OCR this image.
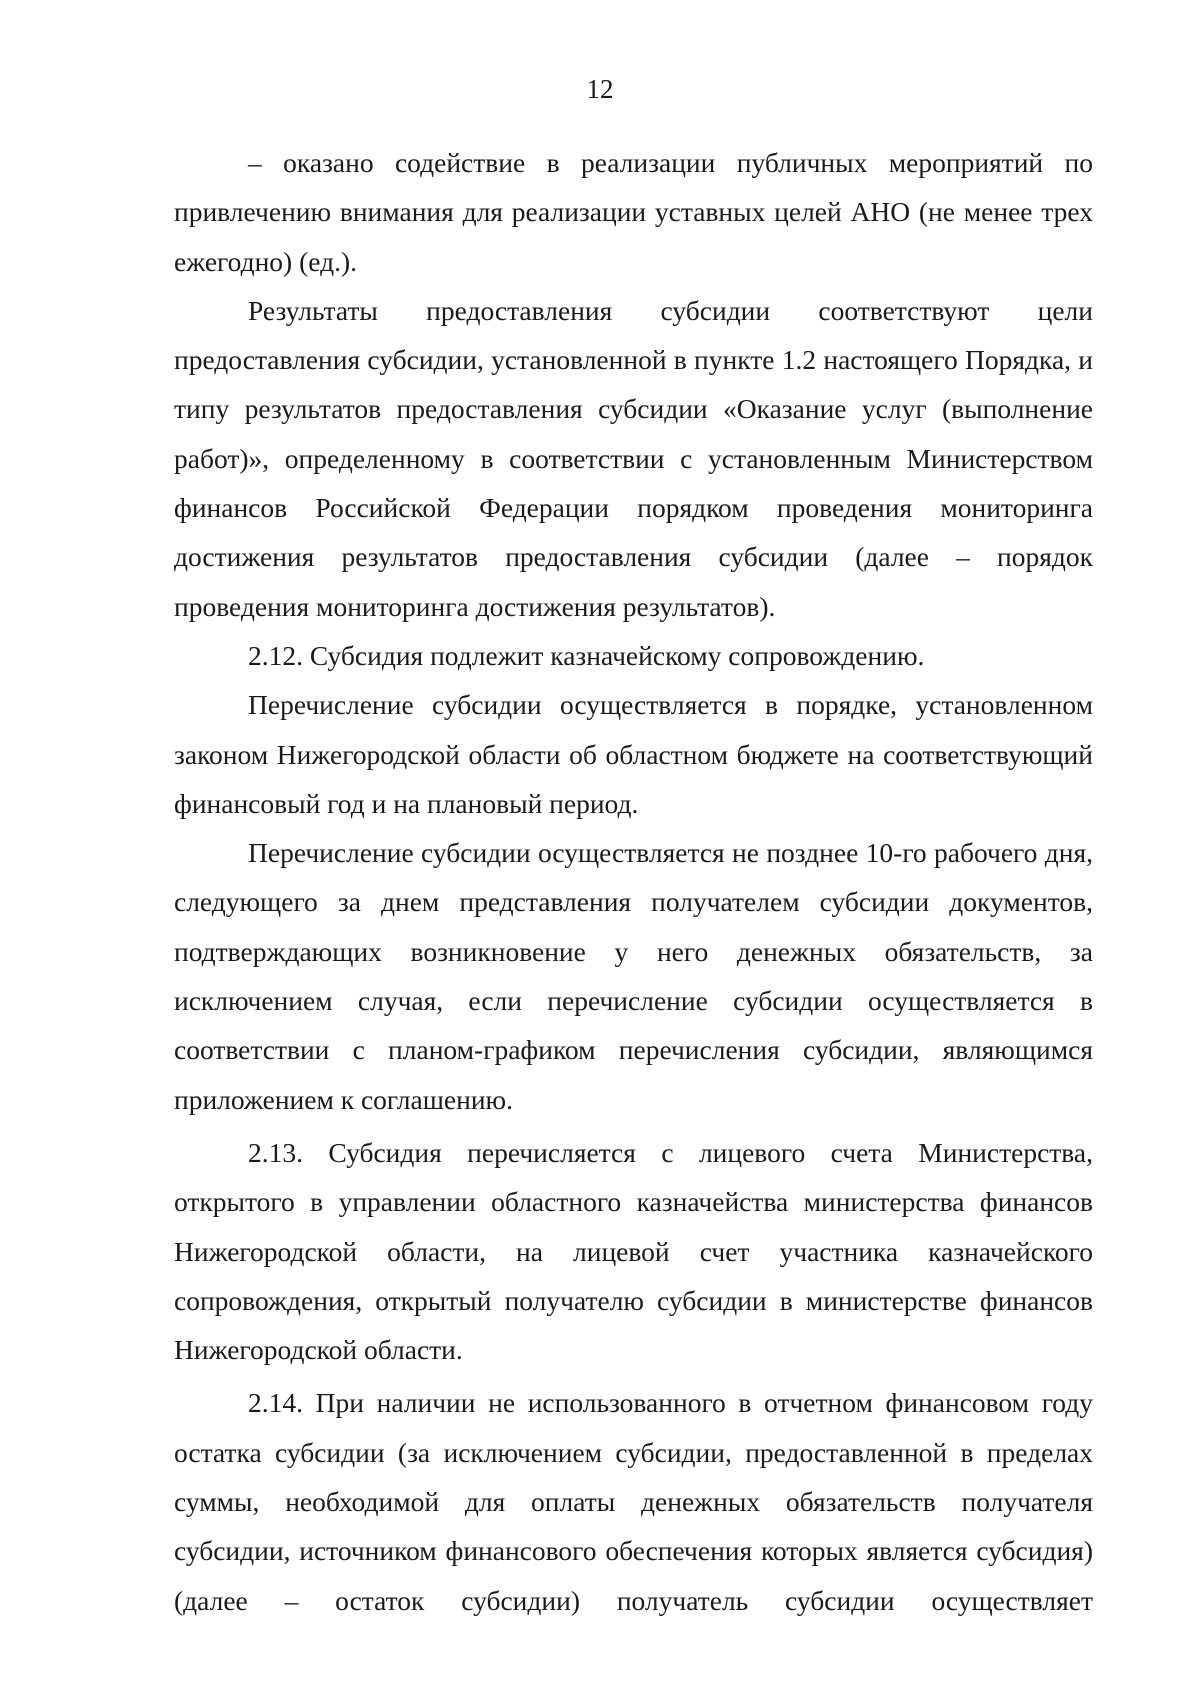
12

– оказано содействие в реализации публичных мероприятий по привлечению внимания для реализации уставных целей АНО (не менее трех ежегодно) (ед.).

Результаты предоставления субсидии соответствуют цели предоставления субсидии, установленной в пункте 1.2 настоящего Порядка, и типу результатов предоставления субсидии «Оказание услуг (выполнение работ)», определенному в соответствии с установленным Министерством финансов Российской Федерации порядком проведения мониторинга достижения результатов предоставления субсидии (далее – порядок проведения мониторинга достижения результатов).

2.12. Субсидия подлежит казначейскому сопровождению.

Перечисление субсидии осуществляется в порядке, установленном законом Нижегородской области об областном бюджете на соответствующий финансовый год и на плановый период.

Перечисление субсидии осуществляется не позднее 10-го рабочего дня, следующего за днем представления получателем субсидии документов, подтверждающих возникновение у него денежных обязательств, за исключением случая, если перечисление субсидии осуществляется в соответствии с планом-графиком перечисления субсидии, являющимся приложением к соглашению.

2.13. Субсидия перечисляется с лицевого счета Министерства, открытого в управлении областного казначейства министерства финансов Нижегородской области, на лицевой счет участника казначейского сопровождения, открытый получателю субсидии в министерстве финансов Нижегородской области.

2.14. При наличии не использованного в отчетном финансовом году остатка субсидии (за исключением субсидии, предоставленной в пределах суммы, необходимой для оплаты денежных обязательств получателя субсидии, источником финансового обеспечения которых является субсидия) (далее – остаток субсидии) получатель субсидии осуществляет
